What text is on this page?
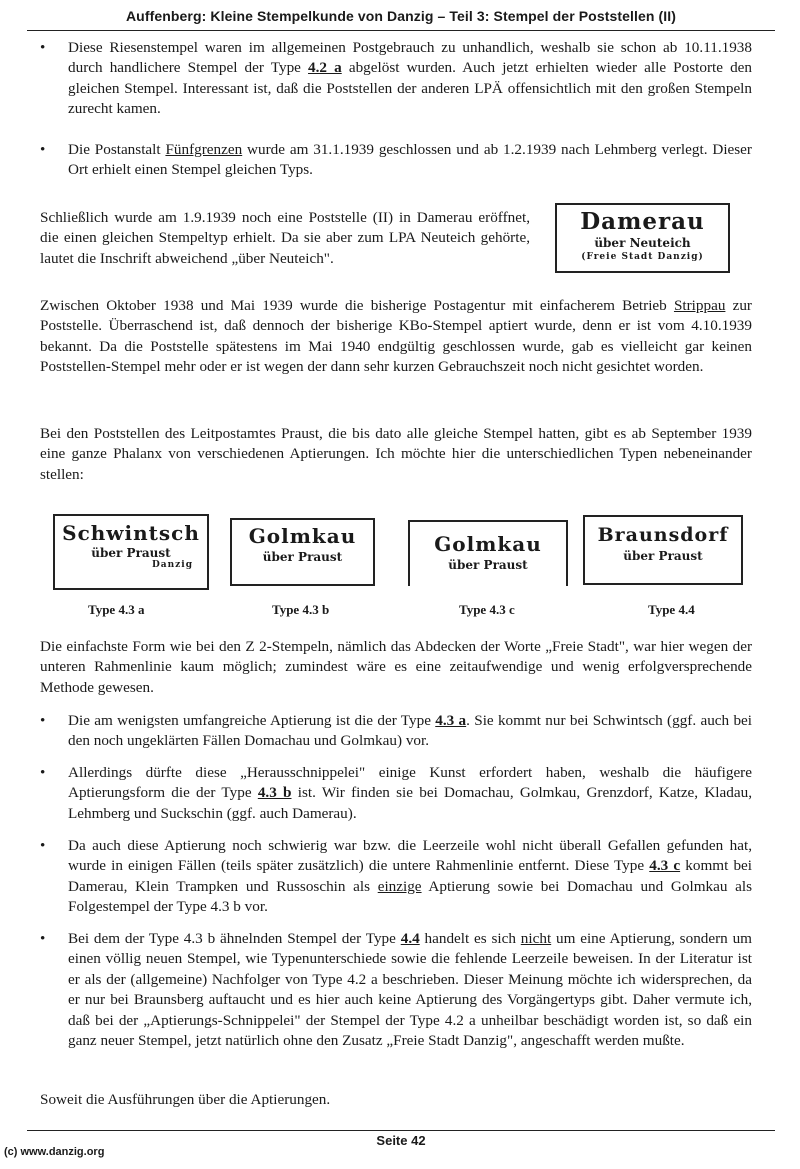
Auffenberg: Kleine Stempelkunde von Danzig – Teil 3: Stempel der Poststellen (II)
• Diese Riesenstempel waren im allgemeinen Postgebrauch zu unhandlich, weshalb sie schon ab 10.11.1938 durch handlichere Stempel der Type 4.2 a abgelöst wurden. Auch jetzt erhielten wieder alle Postorte den gleichen Stempel. Interessant ist, daß die Poststellen der anderen LPÄ offensichtlich mit den großen Stempeln zurecht kamen.
• Die Postanstalt Fünfgrenzen wurde am 31.1.1939 geschlossen und ab 1.2.1939 nach Lehmberg verlegt. Dieser Ort erhielt einen Stempel gleichen Typs.
Schließlich wurde am 1.9.1939 noch eine Poststelle (II) in Damerau eröffnet, die einen gleichen Stempeltyp erhielt. Da sie aber zum LPA Neuteich gehörte, lautet die Inschrift abweichend „über Neuteich".
Damerau
über Neuteich
(Freie Stadt Danzig)
Zwischen Oktober 1938 und Mai 1939 wurde die bisherige Postagentur mit einfacherem Betrieb Strippau zur Poststelle. Überraschend ist, daß dennoch der bisherige KBo-Stempel aptiert wurde, denn er ist vom 4.10.1939 bekannt. Da die Poststelle spätestens im Mai 1940 endgültig geschlossen wurde, gab es vielleicht gar keinen Poststellen-Stempel mehr oder er ist wegen der dann sehr kurzen Gebrauchszeit noch nicht gesichtet worden.
Bei den Poststellen des Leitpostamtes Praust, die bis dato alle gleiche Stempel hatten, gibt es ab September 1939 eine ganze Phalanx von verschiedenen Aptierungen. Ich möchte hier die unterschiedlichen Typen nebeneinander stellen:
Schwintsch
über Praust
Danzig
Golmkau
über Praust
Golmkau
über Praust
Braunsdorf
über Praust
Type 4.3 a	Type 4.3 b	Type 4.3 c	Type 4.4
Die einfachste Form wie bei den Z 2-Stempeln, nämlich das Abdecken der Worte „Freie Stadt", war hier wegen der unteren Rahmenlinie kaum möglich; zumindest wäre es eine zeitaufwendige und wenig erfolgversprechende Methode gewesen.
• Die am wenigsten umfangreiche Aptierung ist die der Type 4.3 a. Sie kommt nur bei Schwintsch (ggf. auch bei den noch ungeklärten Fällen Domachau und Golmkau) vor.
• Allerdings dürfte diese „Herausschnippelei" einige Kunst erfordert haben, weshalb die häufigere Aptierungsform die der Type 4.3 b ist. Wir finden sie bei Domachau, Golmkau, Grenzdorf, Katze, Kladau, Lehmberg und Suckschin (ggf. auch Damerau).
• Da auch diese Aptierung noch schwierig war bzw. die Leerzeile wohl nicht überall Gefallen gefunden hat, wurde in einigen Fällen (teils später zusätzlich) die untere Rahmenlinie entfernt. Diese Type 4.3 c kommt bei Damerau, Klein Trampken und Russoschin als einzige Aptierung sowie bei Domachau und Golmkau als Folgestempel der Type 4.3 b vor.
• Bei dem der Type 4.3 b ähnelnden Stempel der Type 4.4 handelt es sich nicht um eine Aptierung, sondern um einen völlig neuen Stempel, wie Typenunterschiede sowie die fehlende Leerzeile beweisen. In der Literatur ist er als der (allgemeine) Nachfolger von Type 4.2 a beschrieben. Dieser Meinung möchte ich widersprechen, da er nur bei Braunsberg auftaucht und es hier auch keine Aptierung des Vorgängertyps gibt. Daher vermute ich, daß bei der „Aptierungs-Schnippelei" der Stempel der Type 4.2 a unheilbar beschädigt worden ist, so daß ein ganz neuer Stempel, jetzt natürlich ohne den Zusatz „Freie Stadt Danzig", angeschafft werden mußte.
Soweit die Ausführungen über die Aptierungen.
Seite 42
(c) www.danzig.org
